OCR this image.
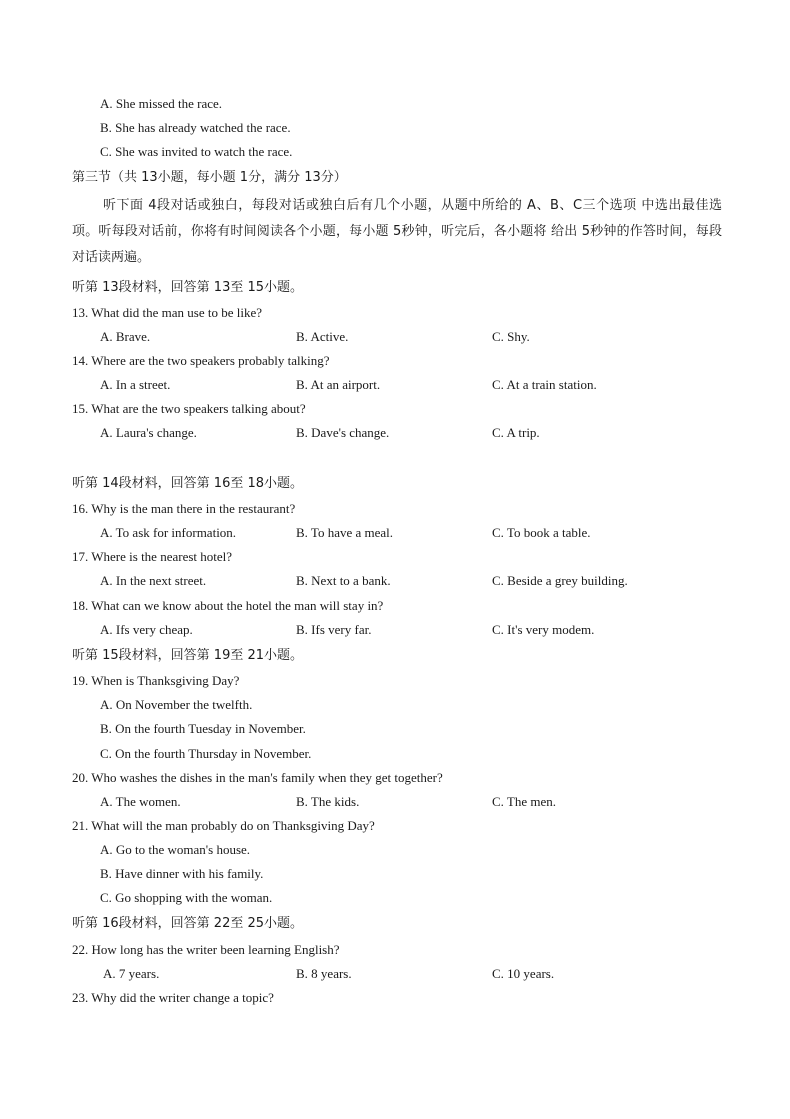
A. She missed the race.
B. She has already watched the race.
C. She was invited to watch the race.
第三节（共 13小题，每小题 1分，满分 13分）
听下面 4段对话或独白，每段对话或独白后有几个小题，从题中所给的 A、B、C三个选项 中选出最佳选项。听每段对话前，你将有时间阅读各个小题，每小题 5秒钟，听完后，各小题将 给出 5秒钟的作答时间，每段对话读两遍。
听第 13段材料，回答第 13至 15小题。
13. What did the man use to be like?
A. Brave.	B. Active.	C. Shy.
14. Where are the two speakers probably talking?
A. In a street.	B. At an airport.	C. At a train station.
15. What are the two speakers talking about?
A. Laura's change.	B. Dave's change.	C. A trip.
听第 14段材料，回答第 16至 18小题。
16. Why is the man there in the restaurant?
A. To ask for information.	B. To have a meal.	C. To book a table.
17. Where is the nearest hotel?
A. In the next street.	B. Next to a bank.	C. Beside a grey building.
18. What can we know about the hotel the man will stay in?
A. Ifs very cheap.	B. Ifs very far.	C. It's very modem.
听第 15段材料，回答第 19至 21小题。
19. When is Thanksgiving Day?
A. On November the twelfth.
B. On the fourth Tuesday in November.
C. On the fourth Thursday in November.
20. Who washes the dishes in the man's family when they get together?
A. The women.	B. The kids.	C. The men.
21. What will the man probably do on Thanksgiving Day?
A. Go to the woman's house.
B. Have dinner with his family.
C. Go shopping with the woman.
听第 16段材料，回答第 22至 25小题。
22. How long has the writer been learning English?
A. 7 years.	B. 8 years.	C. 10 years.
23. Why did the writer change a topic?
